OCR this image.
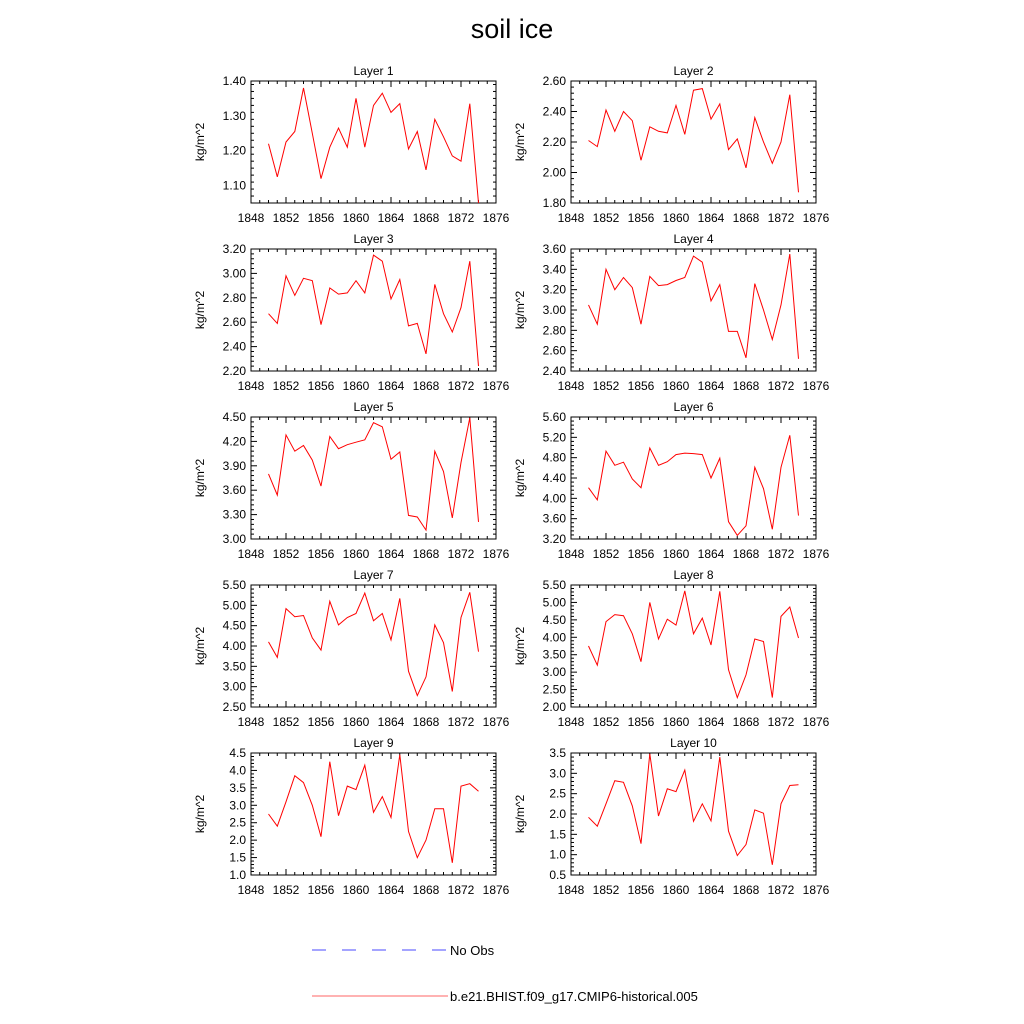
soil ice
Layer 1
kg/m^2
1848 1852 1856 1860 1864 1868 1872 1876
1.10
1.20
1.30
1.40
Layer 2
kg/m^2
1848 1852 1856 1860 1864 1868 1872 1876
1.80
2.00
2.20
2.40
2.60
Layer 3
kg/m^2
1848 1852 1856 1860 1864 1868 1872 1876
2.20
2.40
2.60
2.80
3.00
3.20
Layer 4
kg/m^2
1848 1852 1856 1860 1864 1868 1872 1876
2.40
2.60
2.80
3.00
3.20
3.40
3.60
Layer 5
kg/m^2
1848 1852 1856 1860 1864 1868 1872 1876
3.00
3.30
3.60
3.90
4.20
4.50
Layer 6
kg/m^2
1848 1852 1856 1860 1864 1868 1872 1876
3.20
3.60
4.00
4.40
4.80
5.20
5.60
Layer 7
kg/m^2
1848 1852 1856 1860 1864 1868 1872 1876
2.50
3.00
3.50
4.00
4.50
5.00
5.50
Layer 8
kg/m^2
1848 1852 1856 1860 1864 1868 1872 1876
2.00
2.50
3.00
3.50
4.00
4.50
5.00
5.50
Layer 9
kg/m^2
1848 1852 1856 1860 1864 1868 1872 1876
1.0
1.5
2.0
2.5
3.0
3.5
4.0
4.5
Layer 10
kg/m^2
1848 1852 1856 1860 1864 1868 1872 1876
0.5
1.0
1.5
2.0
2.5
3.0
3.5
No Obs
b.e21.BHIST.f09_g17.CMIP6-historical.005
